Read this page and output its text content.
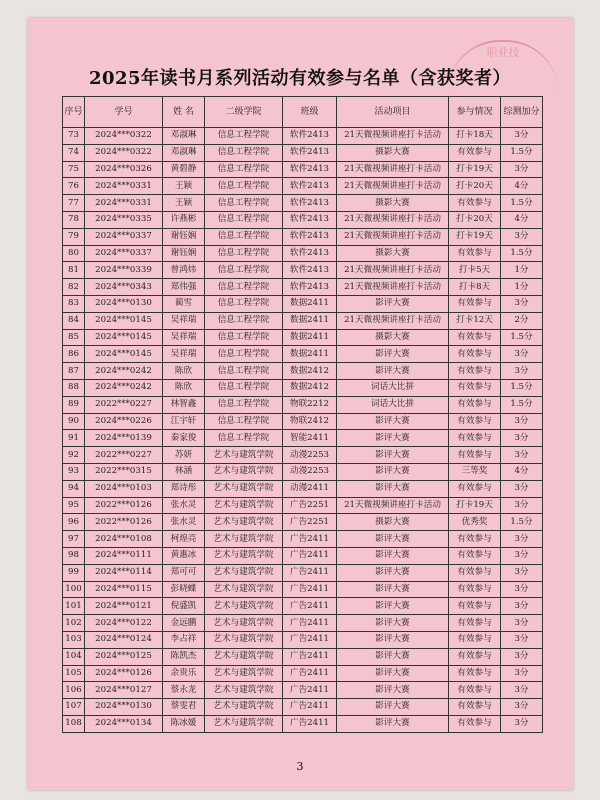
职业技
2025年读书月系列活动有效参与名单（含获奖者）
序号	学号	姓 名	二级学院	班级	活动项目	参与情况	综测加分
73	2024***0322	邓淑琳	信息工程学院	软件2413	21天微视频讲座打卡活动	打卡18天	3分
74	2024***0322	邓淑琳	信息工程学院	软件2413	摄影大赛	有效参与	1.5分
75	2024***0326	黄碧静	信息工程学院	软件2413	21天微视频讲座打卡活动	打卡19天	3分
76	2024***0331	王颖	信息工程学院	软件2413	21天微视频讲座打卡活动	打卡20天	4分
77	2024***0331	王颖	信息工程学院	软件2413	摄影大赛	有效参与	1.5分
78	2024***0335	许燕彬	信息工程学院	软件2413	21天微视频讲座打卡活动	打卡20天	4分
79	2024***0337	谢钰娴	信息工程学院	软件2413	21天微视频讲座打卡活动	打卡19天	3分
80	2024***0337	谢钰娴	信息工程学院	软件2413	摄影大赛	有效参与	1.5分
81	2024***0339	曾鸿炜	信息工程学院	软件2413	21天微视频讲座打卡活动	打卡5天	1分
82	2024***0343	郑伟强	信息工程学院	软件2413	21天微视频讲座打卡活动	打卡8天	1分
83	2024***0130	蔺雪	信息工程学院	数据2411	影评大赛	有效参与	3分
84	2024***0145	吴祥瑞	信息工程学院	数据2411	21天微视频讲座打卡活动	打卡12天	2分
85	2024***0145	吴祥瑞	信息工程学院	数据2411	摄影大赛	有效参与	1.5分
86	2024***0145	吴祥瑞	信息工程学院	数据2411	影评大赛	有效参与	3分
87	2024***0242	陈欣	信息工程学院	数据2412	影评大赛	有效参与	3分
88	2024***0242	陈欣	信息工程学院	数据2412	词话大比拼	有效参与	1.5分
89	2022***0227	林智鑫	信息工程学院	物联2212	词话大比拼	有效参与	1.5分
90	2024***0226	江宇轩	信息工程学院	物联2412	影评大赛	有效参与	3分
91	2024***0139	秦家俊	信息工程学院	智能2411	影评大赛	有效参与	3分
92	2022***0227	苏妍	艺术与建筑学院	动漫2253	影评大赛	有效参与	3分
93	2022***0315	林涵	艺术与建筑学院	动漫2253	影评大赛	三等奖	4分
94	2024***0103	郑诗彤	艺术与建筑学院	动漫2411	影评大赛	有效参与	3分
95	2022***0126	张水灵	艺术与建筑学院	广告2251	21天微视频讲座打卡活动	打卡19天	3分
96	2022***0126	张水灵	艺术与建筑学院	广告2251	摄影大赛	优秀奖	1.5分
97	2024***0108	柯煌亮	艺术与建筑学院	广告2411	影评大赛	有效参与	3分
98	2024***0111	黄惠冰	艺术与建筑学院	广告2411	影评大赛	有效参与	3分
99	2024***0114	郑可可	艺术与建筑学院	广告2411	影评大赛	有效参与	3分
100	2024***0115	彭晓蝶	艺术与建筑学院	广告2411	影评大赛	有效参与	3分
101	2024***0121	倪盛凯	艺术与建筑学院	广告2411	影评大赛	有效参与	3分
102	2024***0122	金远鹏	艺术与建筑学院	广告2411	影评大赛	有效参与	3分
103	2024***0124	李占祥	艺术与建筑学院	广告2411	影评大赛	有效参与	3分
104	2024***0125	陈凯杰	艺术与建筑学院	广告2411	影评大赛	有效参与	3分
105	2024***0126	余贵乐	艺术与建筑学院	广告2411	影评大赛	有效参与	3分
106	2024***0127	蔡永龙	艺术与建筑学院	广告2411	影评大赛	有效参与	3分
107	2024***0130	蔡雯君	艺术与建筑学院	广告2411	影评大赛	有效参与	3分
108	2024***0134	陈冰媛	艺术与建筑学院	广告2411	影评大赛	有效参与	3分
3
